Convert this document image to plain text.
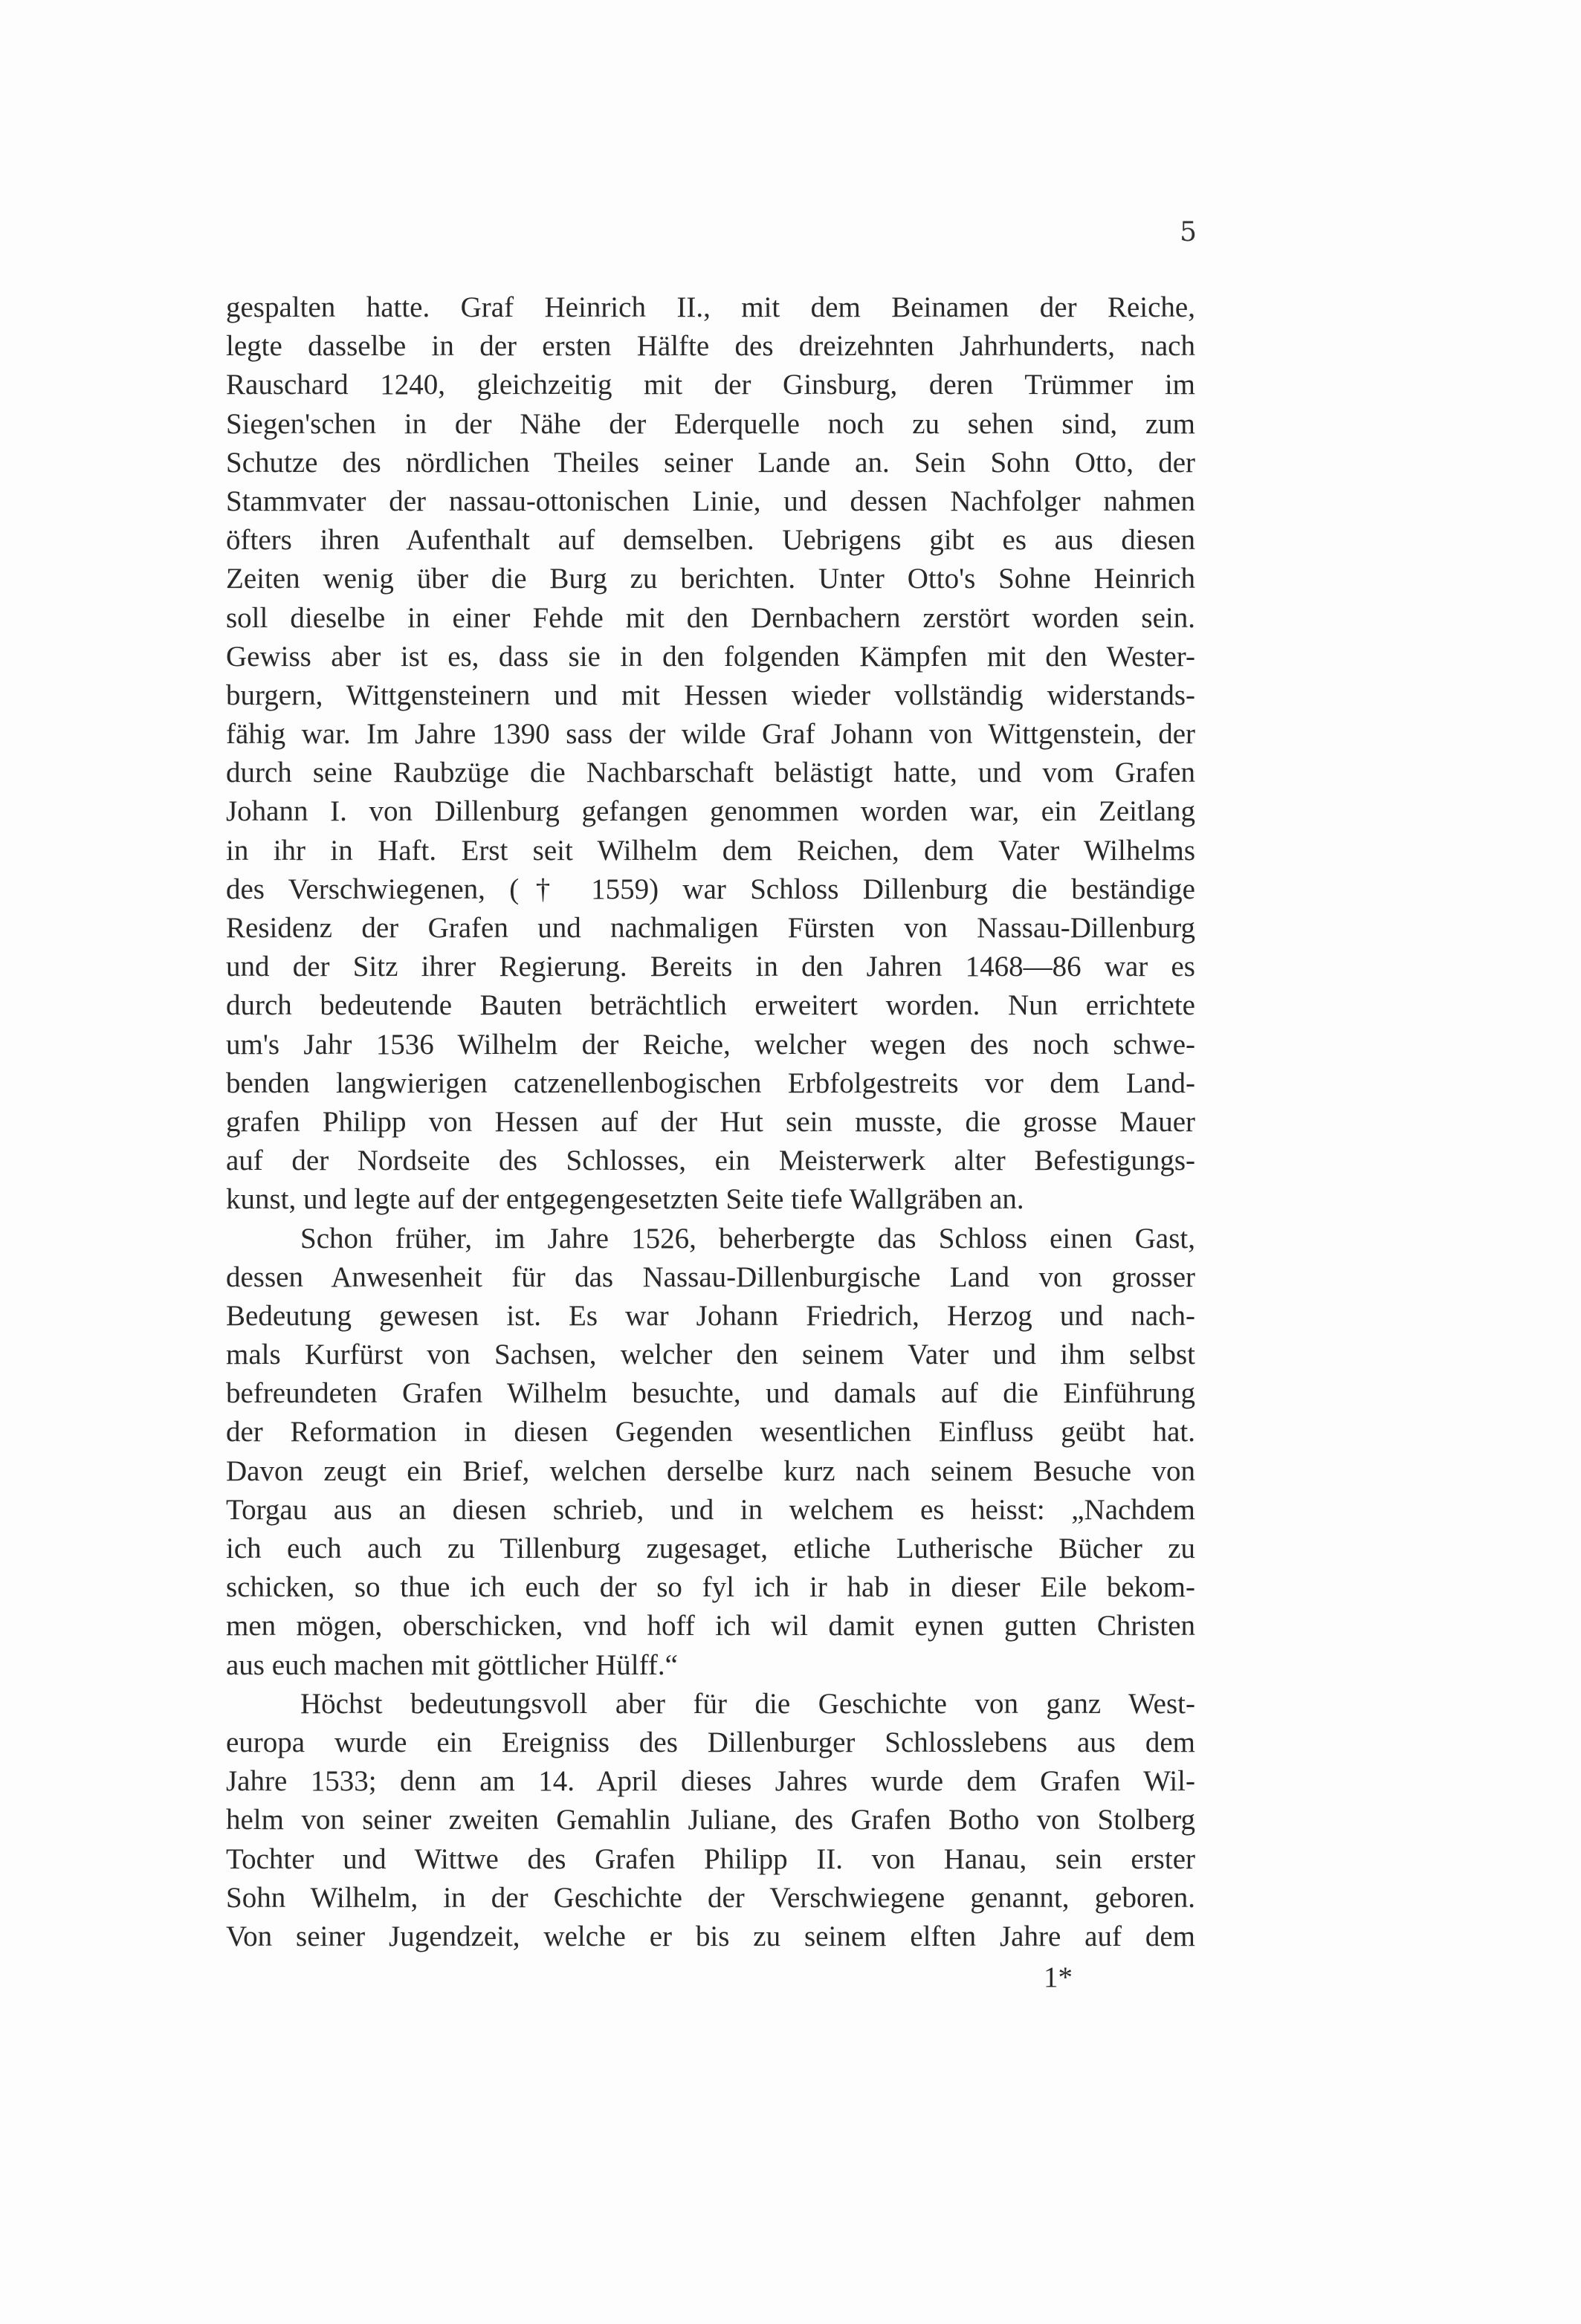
5
gespalten hatte. Graf Heinrich II., mit dem Beinamen der Reiche,
legte dasselbe in der ersten Hälfte des dreizehnten Jahrhunderts, nach
Rauschard 1240, gleichzeitig mit der Ginsburg, deren Trümmer im
Siegen'schen in der Nähe der Ederquelle noch zu sehen sind, zum
Schutze des nördlichen Theiles seiner Lande an. Sein Sohn Otto, der
Stammvater der nassau-ottonischen Linie, und dessen Nachfolger nahmen
öfters ihren Aufenthalt auf demselben. Uebrigens gibt es aus diesen
Zeiten wenig über die Burg zu berichten. Unter Otto's Sohne Heinrich
soll dieselbe in einer Fehde mit den Dernbachern zerstört worden sein.
Gewiss aber ist es, dass sie in den folgenden Kämpfen mit den Wester-
burgern, Wittgensteinern und mit Hessen wieder vollständig widerstands-
fähig war. Im Jahre 1390 sass der wilde Graf Johann von Wittgenstein, der
durch seine Raubzüge die Nachbarschaft belästigt hatte, und vom Grafen
Johann I. von Dillenburg gefangen genommen worden war, ein Zeitlang
in ihr in Haft. Erst seit Wilhelm dem Reichen, dem Vater Wilhelms
des Verschwiegenen, († 1559) war Schloss Dillenburg die beständige
Residenz der Grafen und nachmaligen Fürsten von Nassau-Dillenburg
und der Sitz ihrer Regierung. Bereits in den Jahren 1468—86 war es
durch bedeutende Bauten beträchtlich erweitert worden. Nun errichtete
um's Jahr 1536 Wilhelm der Reiche, welcher wegen des noch schwe-
benden langwierigen catzenellenbogischen Erbfolgestreits vor dem Land-
grafen Philipp von Hessen auf der Hut sein musste, die grosse Mauer
auf der Nordseite des Schlosses, ein Meisterwerk alter Befestigungs-
kunst, und legte auf der entgegengesetzten Seite tiefe Wallgräben an.
Schon früher, im Jahre 1526, beherbergte das Schloss einen Gast,
dessen Anwesenheit für das Nassau-Dillenburgische Land von grosser
Bedeutung gewesen ist. Es war Johann Friedrich, Herzog und nach-
mals Kurfürst von Sachsen, welcher den seinem Vater und ihm selbst
befreundeten Grafen Wilhelm besuchte, und damals auf die Einführung
der Reformation in diesen Gegenden wesentlichen Einfluss geübt hat.
Davon zeugt ein Brief, welchen derselbe kurz nach seinem Besuche von
Torgau aus an diesen schrieb, und in welchem es heisst: „Nachdem
ich euch auch zu Tillenburg zugesaget, etliche Lutherische Bücher zu
schicken, so thue ich euch der so fyl ich ir hab in dieser Eile bekom-
men mögen, oberschicken, vnd hoff ich wil damit eynen gutten Christen
aus euch machen mit göttlicher Hülff.“
Höchst bedeutungsvoll aber für die Geschichte von ganz West-
europa wurde ein Ereigniss des Dillenburger Schlosslebens aus dem
Jahre 1533; denn am 14. April dieses Jahres wurde dem Grafen Wil-
helm von seiner zweiten Gemahlin Juliane, des Grafen Botho von Stolberg
Tochter und Wittwe des Grafen Philipp II. von Hanau, sein erster
Sohn Wilhelm, in der Geschichte der Verschwiegene genannt, geboren.
Von seiner Jugendzeit, welche er bis zu seinem elften Jahre auf dem
1*
